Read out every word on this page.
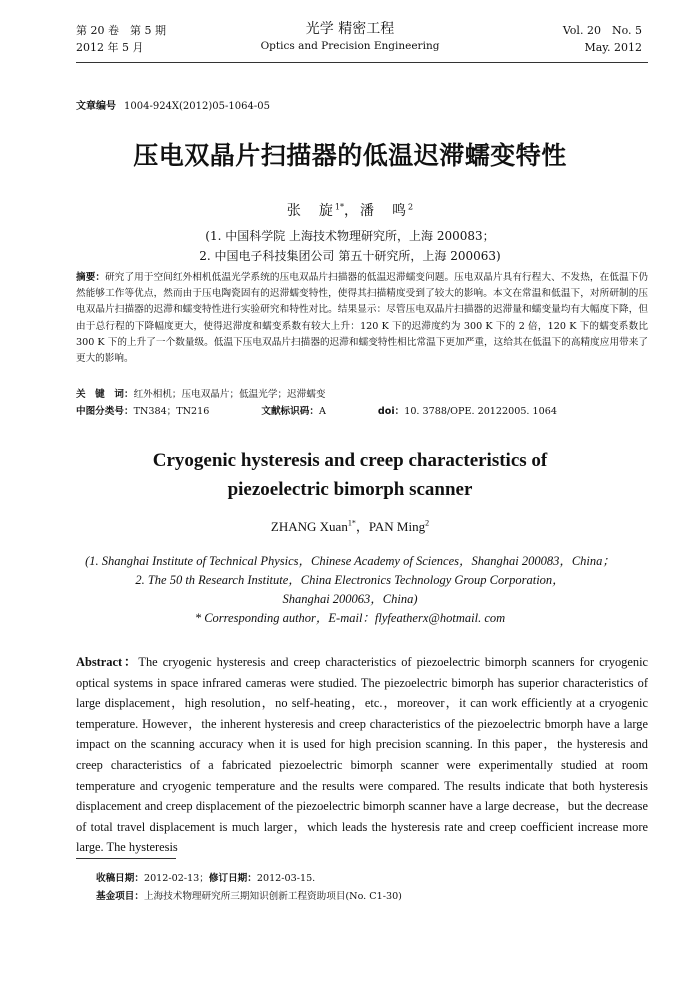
第 20 卷　第 5 期
2012 年 5 月
光学 精密工程
Optics and Precision Engineering
Vol. 20　No. 5
May. 2012
文章编号 1004-924X(2012)05-1064-05
压电双晶片扫描器的低温迟滞蠕变特性
张　旋$^{1*}$，潘　鸣$^2$
(1. 中国科学院 上海技术物理研究所，上海 200083；
2. 中国电子科技集团公司 第五十研究所，上海 200063)
摘要：研究了用于空间红外相机低温光学系统的压电双晶片扫描器的低温迟滞蠕变问题。压电双晶片具有行程大、不发热，在低温下仍然能够工作等优点，然而由于压电陶瓷固有的迟滞蠕变特性，使得其扫描精度受到了较大的影响。本文在常温和低温下，对所研制的压电双晶片扫描器的迟滞和蠕变特性进行实验研究和特性对比。结果显示：尽管压电双晶片扫描器的迟滞量和蠕变量均有大幅度下降，但由于总行程的下降幅度更大，使得迟滞度和蠕变系数有较大上升：120 K 下的迟滞度约为 300 K 下的 2 倍，120 K 下的蠕变系数比 300 K 下的上升了一个数量级。低温下压电双晶片扫描器的迟滞和蠕变特性相比常温下更加严重，这给其在低温下的高精度应用带来了更大的影响。
关　键　词：红外相机；压电双晶片；低温光学；迟滞蠕变
中图分类号：TN384；TN216	文献标识码：A	doi：10. 3788/OPE. 20122005. 1064
Cryogenic hysteresis and creep characteristics of
piezoelectric bimorph scanner
ZHANG Xuan$^{1*}$，PAN Ming$^2$
(1. Shanghai Institute of Technical Physics，Chinese Academy of Sciences，Shanghai 200083，China；
2. The 50 th Research Institute，China Electronics Technology Group Corporation，
Shanghai 200063，China)
* Corresponding author，E-mail：flyfeatherx@hotmail. com
Abstract：The cryogenic hysteresis and creep characteristics of piezoelectric bimorph scanners for cryogenic optical systems in space infrared cameras were studied. The piezoelectric bimorph has superior characteristics of large displacement，high resolution，no self-heating，etc.，moreover，it can work efficiently at a cryogenic temperature. However，the inherent hysteresis and creep characteristics of the piezoelectric bmorph have a large impact on the scanning accuracy when it is used for high precision scanning. In this paper，the hysteresis and creep characteristics of a fabricated piezoelectric bimorph scanner were experimentally studied at room temperature and cryogenic temperature and the results were compared. The results indicate that both hysteresis displacement and creep displacement of the piezoelectric bimorph scanner have a large decrease，but the decrease of total travel displacement is much larger，which leads the hysteresis rate and creep coefficient increase more large. The hysteresis
收稿日期：2012-02-13；修订日期：2012-03-15.
基金项目：上海技术物理研究所三期知识创新工程资助项目(No. C1-30)
